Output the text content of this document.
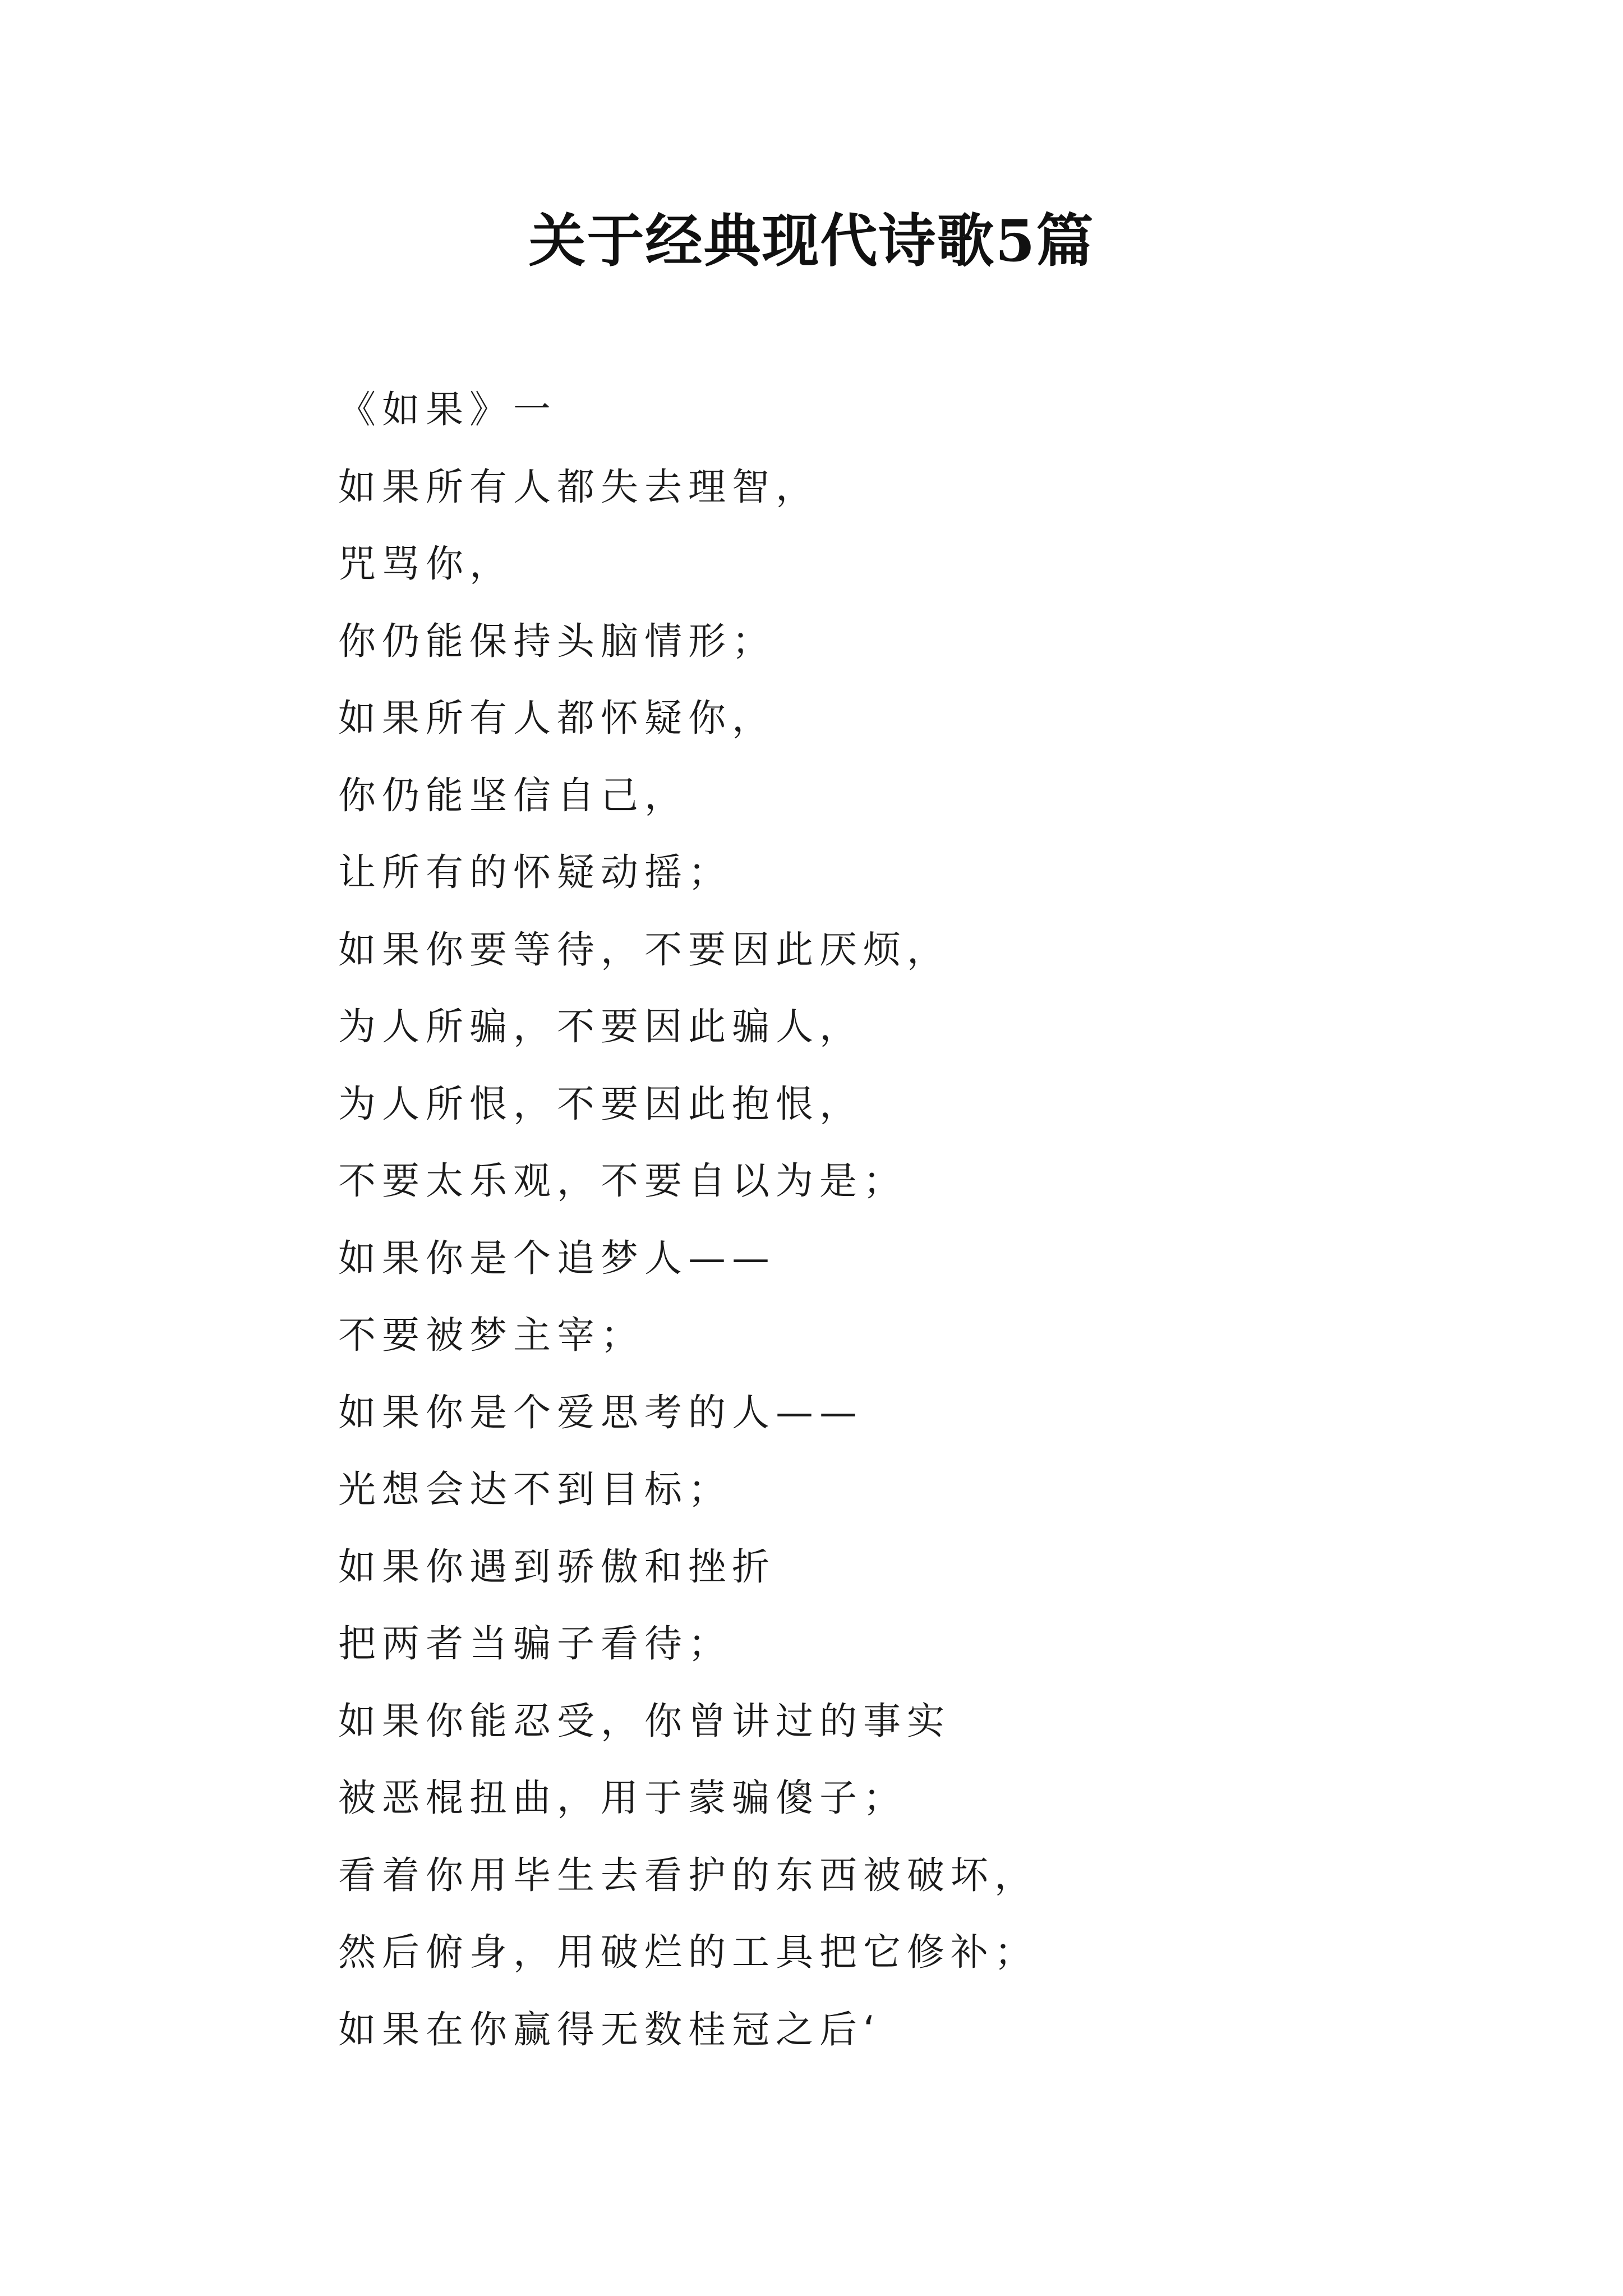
关于经典现代诗歌5篇
《如果》一
如果所有人都失去理智，
咒骂你，
你仍能保持头脑情形；
如果所有人都怀疑你，
你仍能坚信自己，
让所有的怀疑动摇；
如果你要等待，不要因此厌烦，
为人所骗，不要因此骗人，
为人所恨，不要因此抱恨，
不要太乐观，不要自以为是；
如果你是个追梦人——
不要被梦主宰；
如果你是个爱思考的人——
光想会达不到目标；
如果你遇到骄傲和挫折
把两者当骗子看待；
如果你能忍受，你曾讲过的事实
被恶棍扭曲，用于蒙骗傻子；
看着你用毕生去看护的东西被破坏，
然后俯身，用破烂的工具把它修补；
如果在你赢得无数桂冠之后‘
